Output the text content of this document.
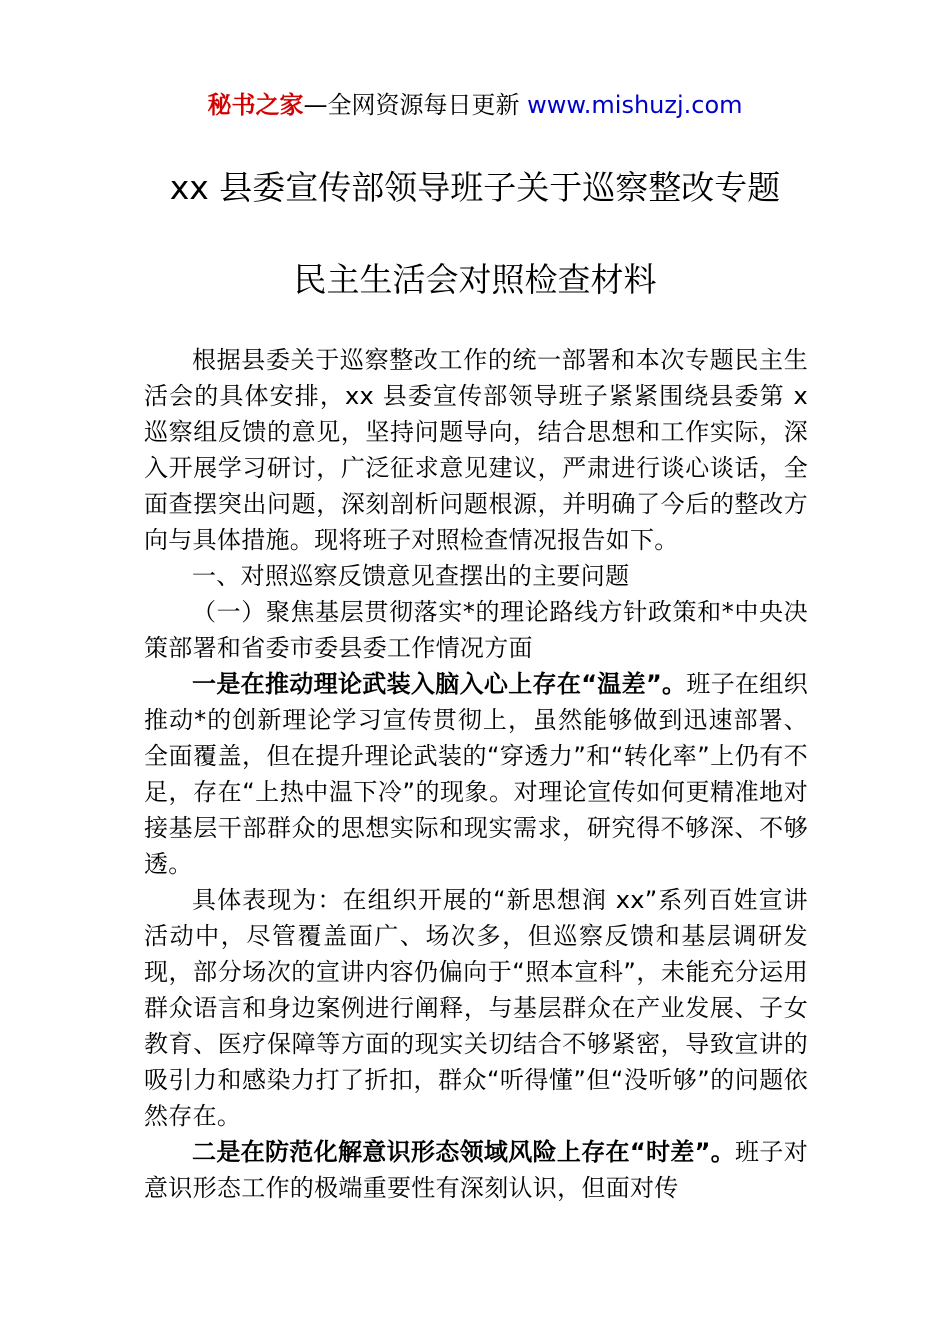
秘书之家—全网资源每日更新 www.mishuzj.com
xx 县委宣传部领导班子关于巡察整改专题
民主生活会对照检查材料

根据县委关于巡察整改工作的统一部署和本次专题民主生活会的具体安排，xx 县委宣传部领导班子紧紧围绕县委第 x 巡察组反馈的意见，坚持问题导向，结合思想和工作实际，深入开展学习研讨，广泛征求意见建议，严肃进行谈心谈话，全面查摆突出问题，深刻剖析问题根源，并明确了今后的整改方向与具体措施。现将班子对照检查情况报告如下。

一、对照巡察反馈意见查摆出的主要问题

（一）聚焦基层贯彻落实*的理论路线方针政策和*中央决策部署和省委市委县委工作情况方面

一是在推动理论武装入脑入心上存在“温差”。班子在组织推动*的创新理论学习宣传贯彻上，虽然能够做到迅速部署、全面覆盖，但在提升理论武装的“穿透力”和“转化率”上仍有不足，存在“上热中温下冷”的现象。对理论宣传如何更精准地对接基层干部群众的思想实际和现实需求，研究得不够深、不够透。

具体表现为：在组织开展的“新思想润 xx”系列百姓宣讲活动中，尽管覆盖面广、场次多，但巡察反馈和基层调研发现，部分场次的宣讲内容仍偏向于“照本宣科”，未能充分运用群众语言和身边案例进行阐释，与基层群众在产业发展、子女教育、医疗保障等方面的现实关切结合不够紧密，导致宣讲的吸引力和感染力打了折扣，群众“听得懂”但“没听够”的问题依然存在。

二是在防范化解意识形态领域风险上存在“时差”。班子对意识形态工作的极端重要性有深刻认识，但面对传
